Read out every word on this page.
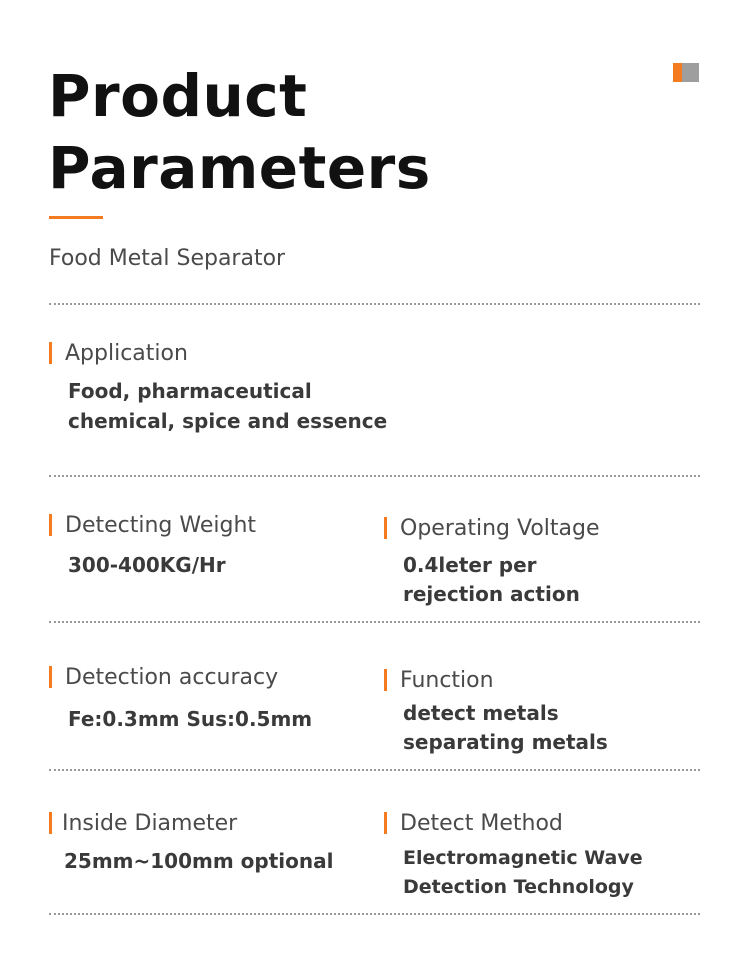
Product
Parameters
Food Metal Separator
Application
Food, pharmaceutical
chemical, spice and essence
Detecting Weight
300-400KG/Hr
Operating Voltage
0.4leter per
rejection action
Detection accuracy
Fe:0.3mm Sus:0.5mm
Function
detect metals
separating metals
Inside Diameter
25mm~100mm optional
Detect Method
Electromagnetic Wave
Detection Technology
